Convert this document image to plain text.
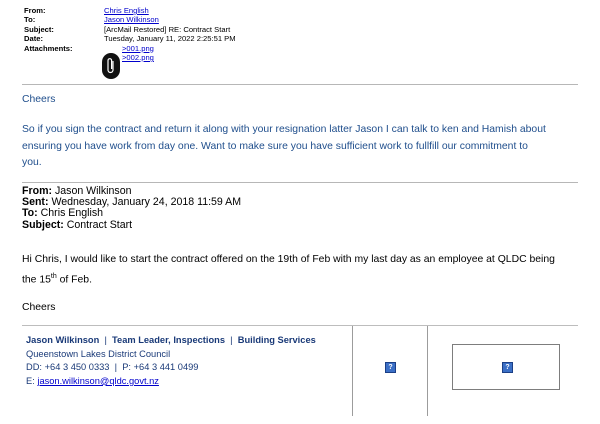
From:	Chris English
To:	Jason Wilkinson
Subject:	[ArcMail Restored] RE: Contract Start
Date:	Tuesday, January 11, 2022 2:25:51 PM
Attachments:	>001.png
>002.png
Cheers
So if you sign the contract and return it along with your resignation latter Jason I can talk to ken and Hamish about
ensuring you have work from day one. Want to make sure you have sufficient work to fullfill our commitment to
you.
From: Jason Wilkinson
Sent: Wednesday, January 24, 2018 11:59 AM
To: Chris English
Subject: Contract Start
Hi Chris, I would like to start the contract offered on the 19th of Feb with my last day as an employee at QLDC being
the 15th of Feb.
Cheers
Jason Wilkinson  |  Team Leader, Inspections  |  Building Services
Queenstown Lakes District Council
DD: +64 3 450 0333  |  P: +64 3 441 0499
E: jason.wilkinson@qldc.govt.nz
?	?
